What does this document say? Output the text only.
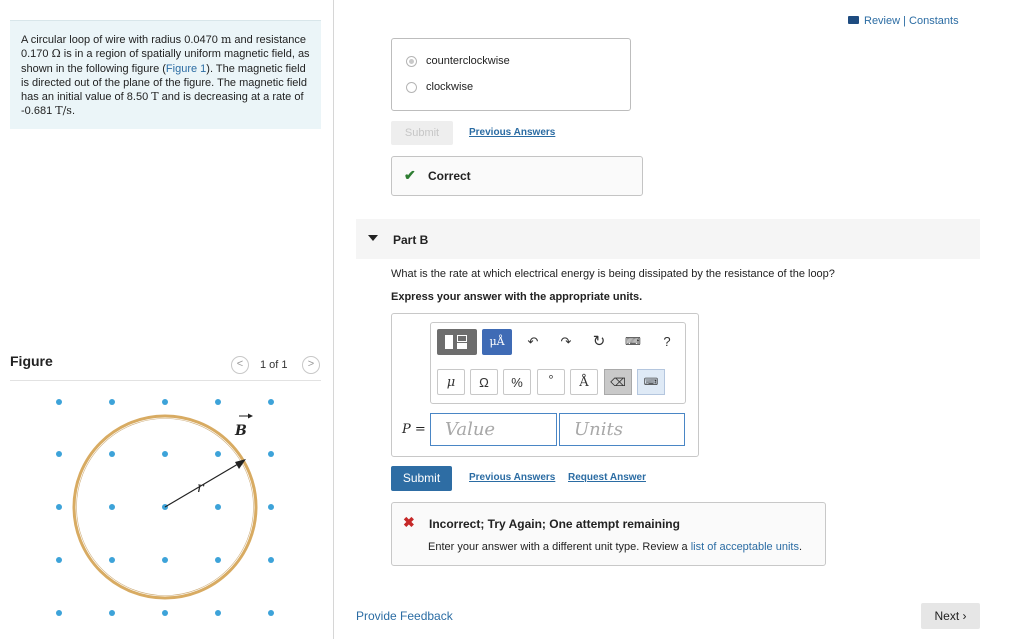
A circular loop of wire with radius 0.0470 m and resistance 0.170 Ω is in a region of spatially uniform magnetic field, as shown in the following figure (Figure 1). The magnetic field is directed out of the plane of the figure. The magnetic field has an initial value of 8.50 T and is decreasing at a rate of -0.681 T/s.

Figure	<	1 of 1	>
r
B
Review | Constants
counterclockwise
clockwise
Submit	Previous Answers
✔ Correct
Part B
What is the rate at which electrical energy is being dissipated by the resistance of the loop?
Express your answer with the appropriate units.
μÅ	↶ ↷ ↻ ⌨ ?
μ	Ω	%	°	Å	⌫	⌨
P = Value	Units
Submit	Previous Answers Request Answer
✖ Incorrect; Try Again; One attempt remaining
Enter your answer with a different unit type. Review a list of acceptable units.
Provide Feedback	Next ›
